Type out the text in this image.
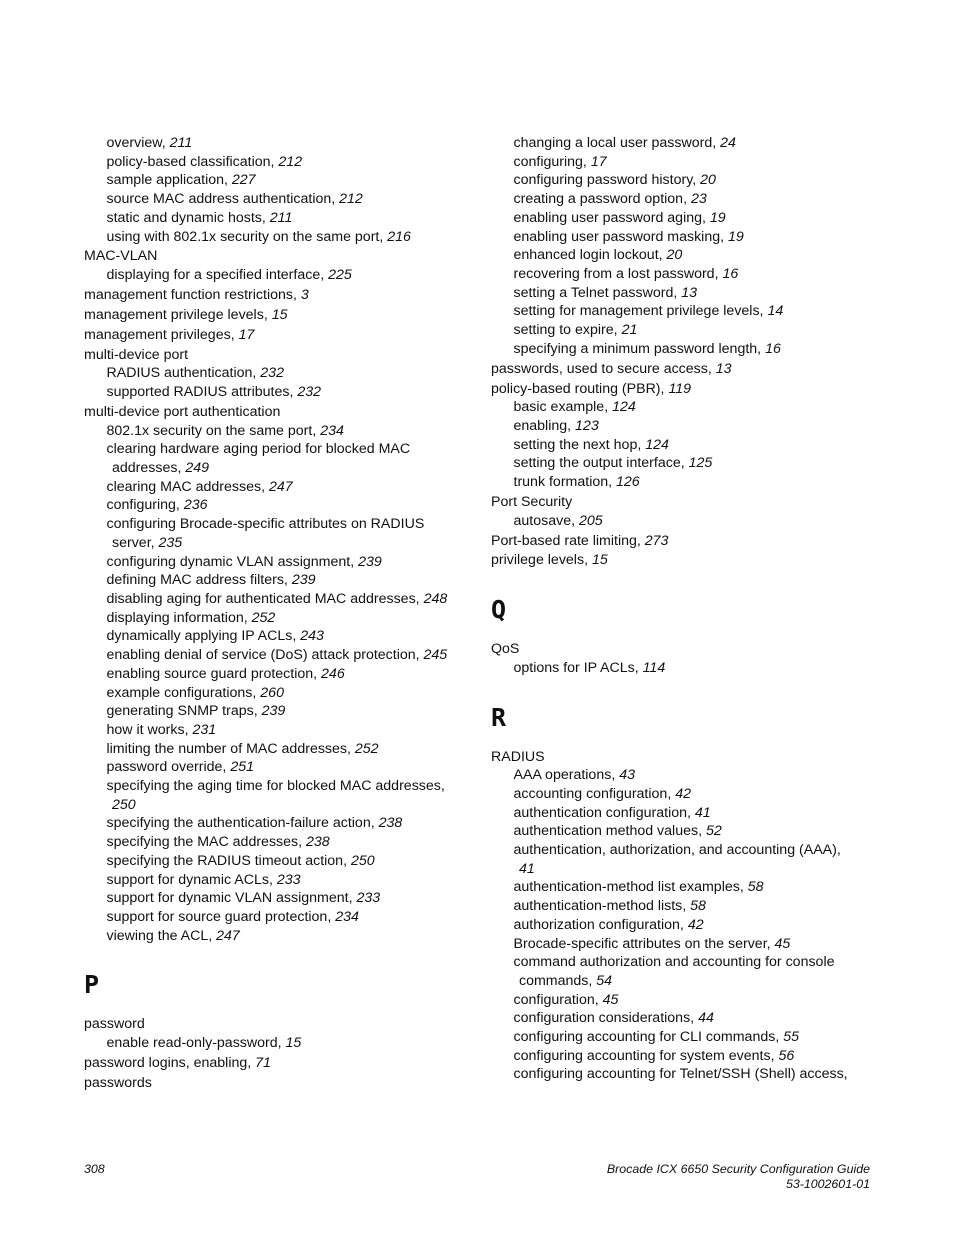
overview, 211
policy-based classification, 212
sample application, 227
source MAC address authentication, 212
static and dynamic hosts, 211
using with 802.1x security on the same port, 216
MAC-VLAN
displaying for a specified interface, 225
management function restrictions, 3
management privilege levels, 15
management privileges, 17
multi-device port
RADIUS authentication, 232
supported RADIUS attributes, 232
multi-device port authentication
802.1x security on the same port, 234
clearing hardware aging period for blocked MAC
addresses, 249
clearing MAC addresses, 247
configuring, 236
configuring Brocade-specific attributes on RADIUS
server, 235
configuring dynamic VLAN assignment, 239
defining MAC address filters, 239
disabling aging for authenticated MAC addresses, 248
displaying information, 252
dynamically applying IP ACLs, 243
enabling denial of service (DoS) attack protection, 245
enabling source guard protection, 246
example configurations, 260
generating SNMP traps, 239
how it works, 231
limiting the number of MAC addresses, 252
password override, 251
specifying the aging time for blocked MAC addresses,
250
specifying the authentication-failure action, 238
specifying the MAC addresses, 238
specifying the RADIUS timeout action, 250
support for dynamic ACLs, 233
support for dynamic VLAN assignment, 233
support for source guard protection, 234
viewing the ACL, 247
P
password
enable read-only-password, 15
password logins, enabling, 71
passwords
changing a local user password, 24
configuring, 17
configuring password history, 20
creating a password option, 23
enabling user password aging, 19
enabling user password masking, 19
enhanced login lockout, 20
recovering from a lost password, 16
setting a Telnet password, 13
setting for management privilege levels, 14
setting to expire, 21
specifying a minimum password length, 16
passwords, used to secure access, 13
policy-based routing (PBR), 119
basic example, 124
enabling, 123
setting the next hop, 124
setting the output interface, 125
trunk formation, 126
Port Security
autosave, 205
Port-based rate limiting, 273
privilege levels, 15
Q
QoS
options for IP ACLs, 114
R
RADIUS
AAA operations, 43
accounting configuration, 42
authentication configuration, 41
authentication method values, 52
authentication, authorization, and accounting (AAA),
41
authentication-method list examples, 58
authentication-method lists, 58
authorization configuration, 42
Brocade-specific attributes on the server, 45
command authorization and accounting for console
commands, 54
configuration, 45
configuration considerations, 44
configuring accounting for CLI commands, 55
configuring accounting for system events, 56
configuring accounting for Telnet/SSH (Shell) access,
308	Brocade ICX 6650 Security Configuration Guide
53-1002601-01
